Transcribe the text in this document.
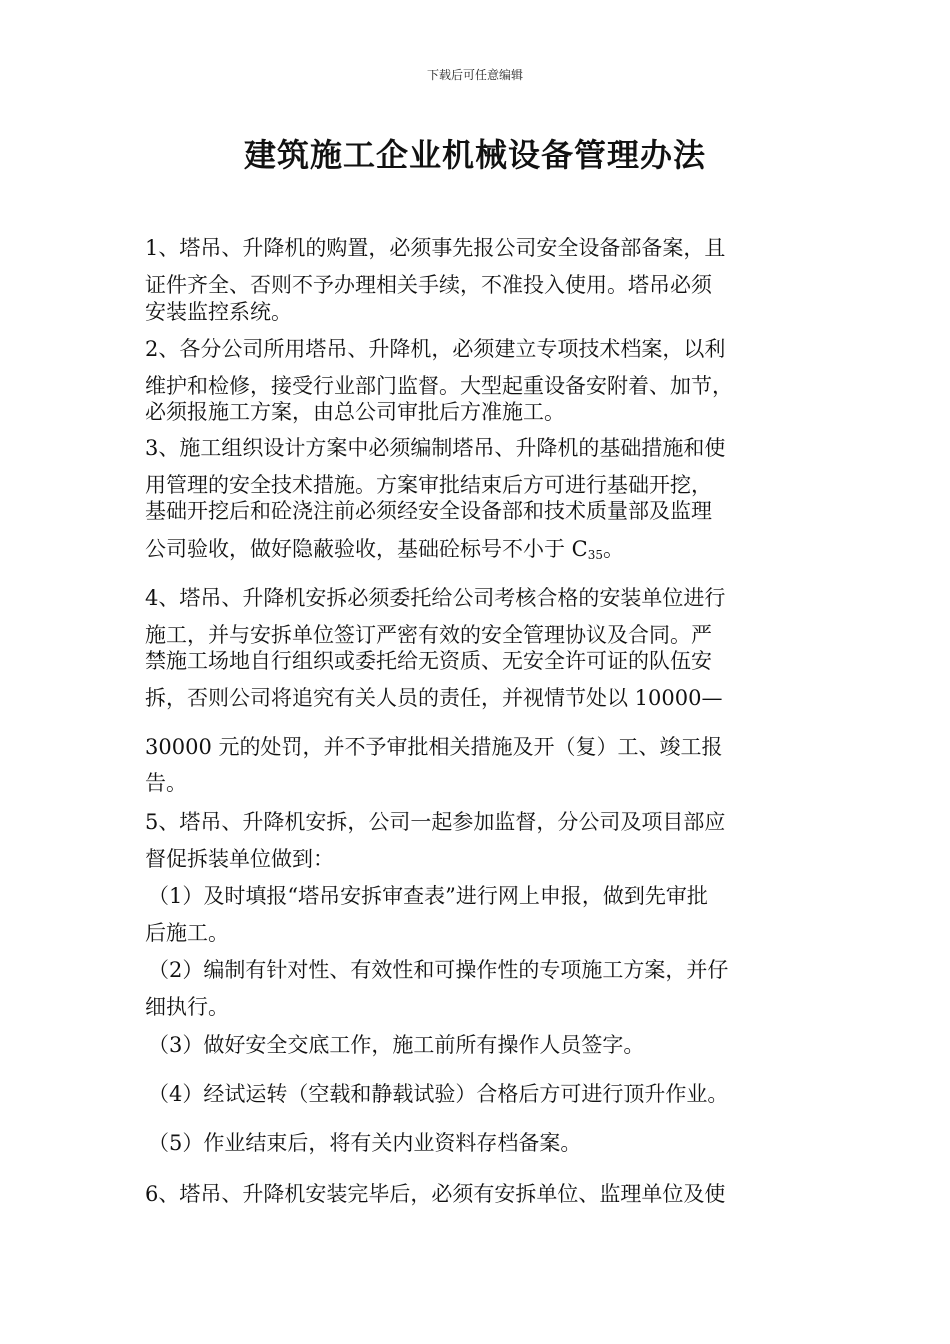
下载后可任意编辑
建筑施工企业机械设备管理办法
1、塔吊、升降机的购置，必须事先报公司安全设备部备案，且
证件齐全、否则不予办理相关手续，不准投入使用。塔吊必须
安装监控系统。
2、各分公司所用塔吊、升降机，必须建立专项技术档案，以利
维护和检修，接受行业部门监督。大型起重设备安附着、加节，
必须报施工方案，由总公司审批后方准施工。
3、施工组织设计方案中必须编制塔吊、升降机的基础措施和使
用管理的安全技术措施。方案审批结束后方可进行基础开挖，
基础开挖后和砼浇注前必须经安全设备部和技术质量部及监理
公司验收，做好隐蔽验收，基础砼标号不小于 $C_{35}$。
4、塔吊、升降机安拆必须委托给公司考核合格的安装单位进行
施工，并与安拆单位签订严密有效的安全管理协议及合同。严
禁施工场地自行组织或委托给无资质、无安全许可证的队伍安
拆，否则公司将追究有关人员的责任，并视情节处以 10000—
30000 元的处罚，并不予审批相关措施及开（复）工、竣工报
告。
5、塔吊、升降机安拆，公司一起参加监督，分公司及项目部应
督促拆装单位做到：
（1）及时填报“塔吊安拆审查表”进行网上申报，做到先审批
后施工。
（2）编制有针对性、有效性和可操作性的专项施工方案，并仔
细执行。
（3）做好安全交底工作，施工前所有操作人员签字。
（4）经试运转（空载和静载试验）合格后方可进行顶升作业。
（5）作业结束后，将有关内业资料存档备案。
6、塔吊、升降机安装完毕后，必须有安拆单位、监理单位及使
